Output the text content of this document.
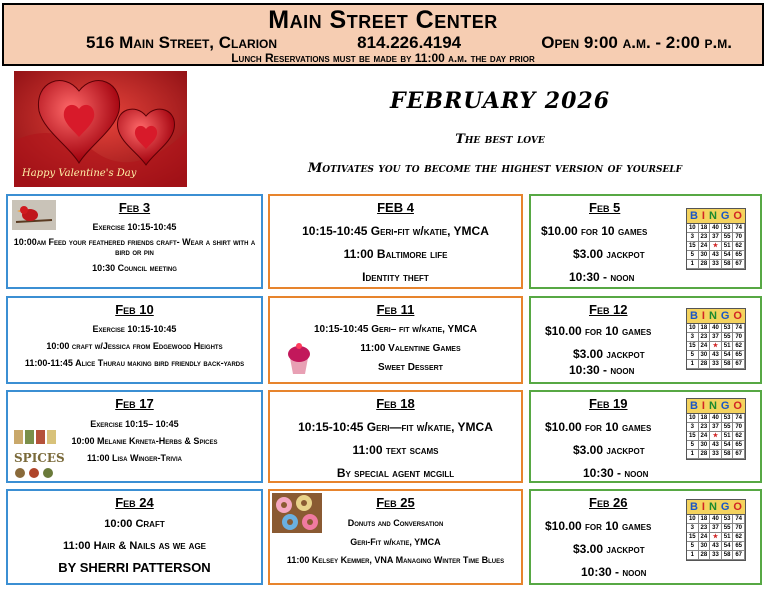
Main Street Center
516 Main Street, Clarion	814.226.4194	Open 9:00 a.m. - 2:00 p.m.
Lunch Reservations must be made by 11:00 a.m. the day prior
Happy Valentine's Day
FEBRUARY 2026
The best love
Motivates you to become the highest version of yourself
Feb 3
Exercise 10:15-10:45
10:00am Feed your feathered friends craft- Wear a shirt with a bird or pin
10:30 Council meeting
FEB 4
10:15-10:45 Geri-fit w/katie, YMCA
11:00 Baltimore life
Identity theft
Feb 5
$10.00 for 10 games
$3.00 jackpot
10:30 - noon
B I N G O
10 18 40 53 74
3	23 37 55 70
15 24 ★ 51 62
5	30 43 54 65
1	28 33 58 67
Feb 10
Exercise 10:15-10:45
10:00 craft w/Jessica from Edgewood Heights
11:00-11:45 Alice Thurau making bird friendly back-yards
Feb 11
10:15-10:45 Geri– fit w/katie, YMCA
11:00 Valentine Games
Sweet Dessert
Feb 12
$10.00 for 10 games
$3.00 jackpot
10:30 - noon
B I N G O
10 18 40 53 74
3	23 37 55 70
15 24 ★ 51 62
5	30 43 54 65
1	28 33 58 67
SPICES
Feb 17
Exercise 10:15– 10:45
10:00 Melanie Krneta-Herbs & Spices
11:00 Lisa Winger-Trivia
Feb 18
10:15-10:45 Geri—fit w/katie, YMCA
11:00 text scams
By special agent mcgill
Feb 19
$10.00 for 10 games
$3.00 jackpot
10:30 - noon
B I N G O
10 18 40 53 74
3	23 37 55 70
15 24 ★ 51 62
5	30 43 54 65
1	28 33 58 67
Feb 24
10:00 Craft
11:00 Hair & Nails as we age
BY SHERRI PATTERSON
Feb 25
Donuts and Conversation
Geri-Fit w/katie, YMCA
11:00 Kelsey Kemmer, VNA Managing Winter Time Blues
Feb 26
$10.00 for 10 games
$3.00 jackpot
10:30 - noon
B I N G O
10 18 40 53 74
3	23 37 55 70
15 24 ★ 51 62
5	30 43 54 65
1	28 33 58 67
